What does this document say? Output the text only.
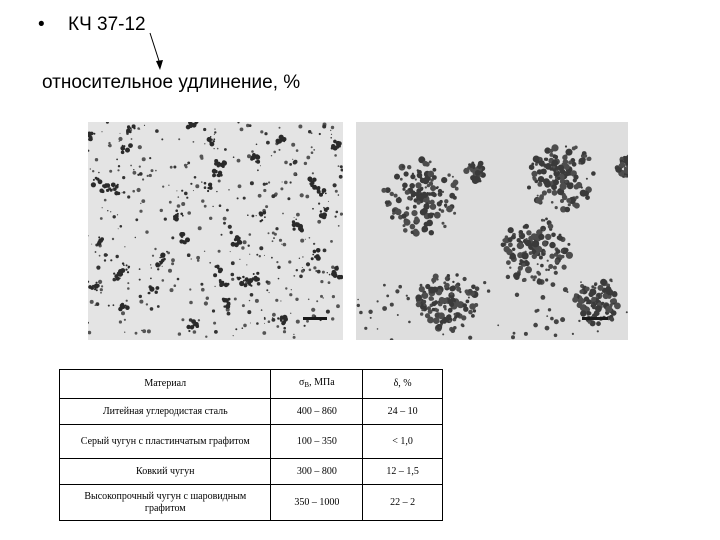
• КЧ 37-12
относительное удлинение, %
Материал	$\sigma_В$, МПа	δ, %
Литейная углеродистая сталь	400 – 860	24 – 10
Серый чугун с пластинчатым графитом	100 – 350	< 1,0
Ковкий чугун	300 – 800	12 – 1,5
Высокопрочный чугун с шаровидным графитом	350 – 1000	22 – 2
